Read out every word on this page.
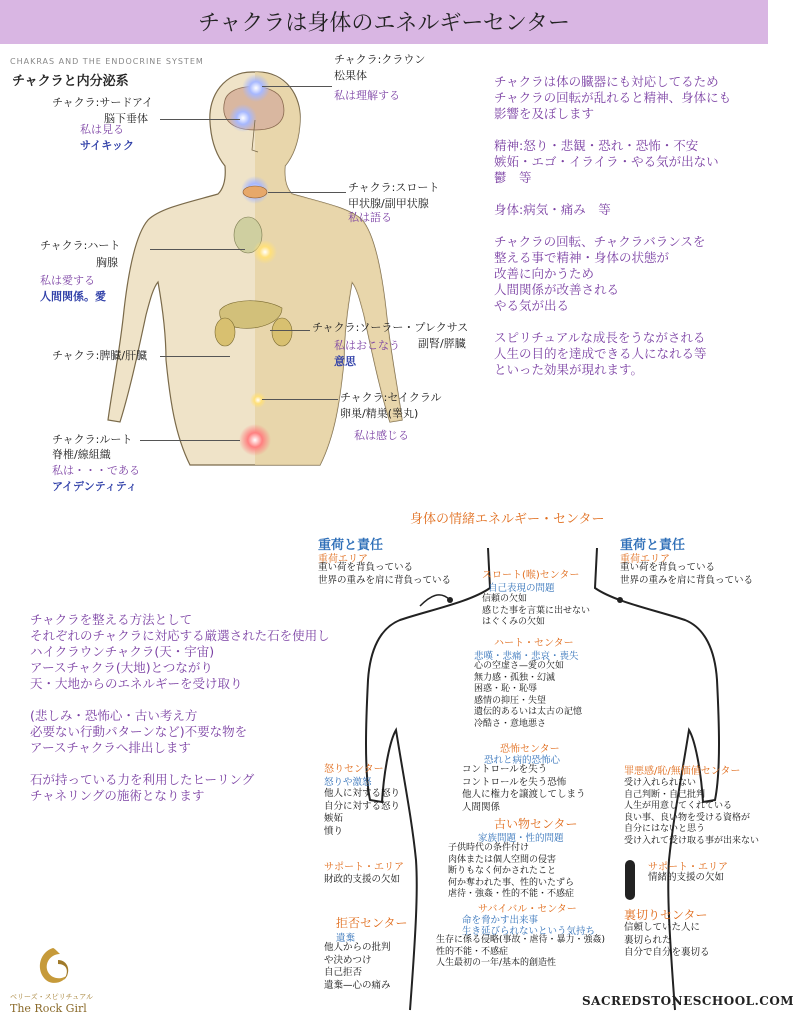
チャクラは身体のエネルギーセンター
CHAKRAS AND THE ENDOCRINE SYSTEM
チャクラと内分泌系
チャクラ:クラウン
松果体
私は理解する
チャクラ:サードアイ
脳下垂体
私は見る
サイキック
チャクラ:スロート
甲状腺/副甲状腺
私は語る
チャクラ:ハート
胸腺
私は愛する
人間関係。愛
チャクラ:ソーラー・プレクサス
副腎/膵臓
私はおこなう
意思
チャクラ:脾臓/肝臓
チャクラ:セイクラル
卵巣/精巣(睾丸)
私は感じる
チャクラ:ルート
脊椎/線組織
私は・・・である
アイデンティティ
チャクラは体の臓器にも対応してるため
チャクラの回転が乱れると精神、身体にも
影響を及ぼします
精神:怒り・悲観・恐れ・恐怖・不安
嫉妬・エゴ・イライラ・やる気が出ない
鬱　等
身体:病気・痛み　等
チャクラの回転、チャクラバランスを
整える事で精神・身体の状態が
改善に向かうため
人間関係が改善される
やる気が出る
スピリチュアルな成長をうながされる
人生の目的を達成できる人になれる等
といった効果が現れます。
チャクラを整える方法として
それぞれのチャクラに対応する厳選された石を使用し
ハイクラウンチャクラ(天・宇宙)
アースチャクラ(大地)とつながり
天・大地からのエネルギーを受け取り
(悲しみ・恐怖心・古い考え方
必要ない行動パターンなど)不要な物を
アースチャクラへ排出します
石が持っている力を利用したヒーリング
チャネリングの施術となります
身体の情緒エネルギー・センター
重荷と責任
重荷エリア
重い荷を背負っている
世界の重みを肩に背負っている
重荷と責任
重荷エリア
重い荷を背負っている
世界の重みを肩に背負っている
スロート(喉)センター
自己表現の問題
信頼の欠如
感じた事を言葉に出せない
はぐくみの欠如
ハート・センター
悲嘆・悲痛・悲哀・喪失
心の空虚さ—愛の欠如
無力感・孤独・幻滅
困惑・恥・恥辱
感情の抑圧・失望
遺伝的あるいは太古の記憶
冷酷さ・意地悪さ
恐怖センター
恐れと病的恐怖心
コントロールを失う
コントロールを失う恐怖
他人に権力を譲渡してしまう
人間関係
怒りセンター
怒りや激怒
他人に対する怒り
自分に対する怒り
嫉妬
憤り
罪悪感/恥/無価値センター
受け入れられない
自己判断・自己批判
人生が用意してくれている
良い事、良い物を受ける資格が
自分にはないと思う
受け入れて受け取る事が出来ない
古い物センター
家族問題・性的問題
子供時代の条件付け
肉体または個人空間の侵害
断りもなく何かされたこと
何か奪われた事、性的いたずら
虐待・強姦・性的不能・不感症
サポート・エリア
財政的支援の欠如
サポート・エリア
情緒的支援の欠如
サバイバル・センター
命を脅かす出来事
生き延びられないという気持ち
生存に係る侵略(事故・虐待・暴力・強姦)
性的不能・不感症
人生最初の一年/基本的創造性
拒否センター
遺棄
他人からの批判
や決めつけ
自己拒否
遺棄—心の痛み
裏切りセンター
信頼していた人に
裏切られた
自分で自分を裏切る
SACREDSTONESCHOOL.COM
ベリーズ・スピリチュアル
The Rock Girl
